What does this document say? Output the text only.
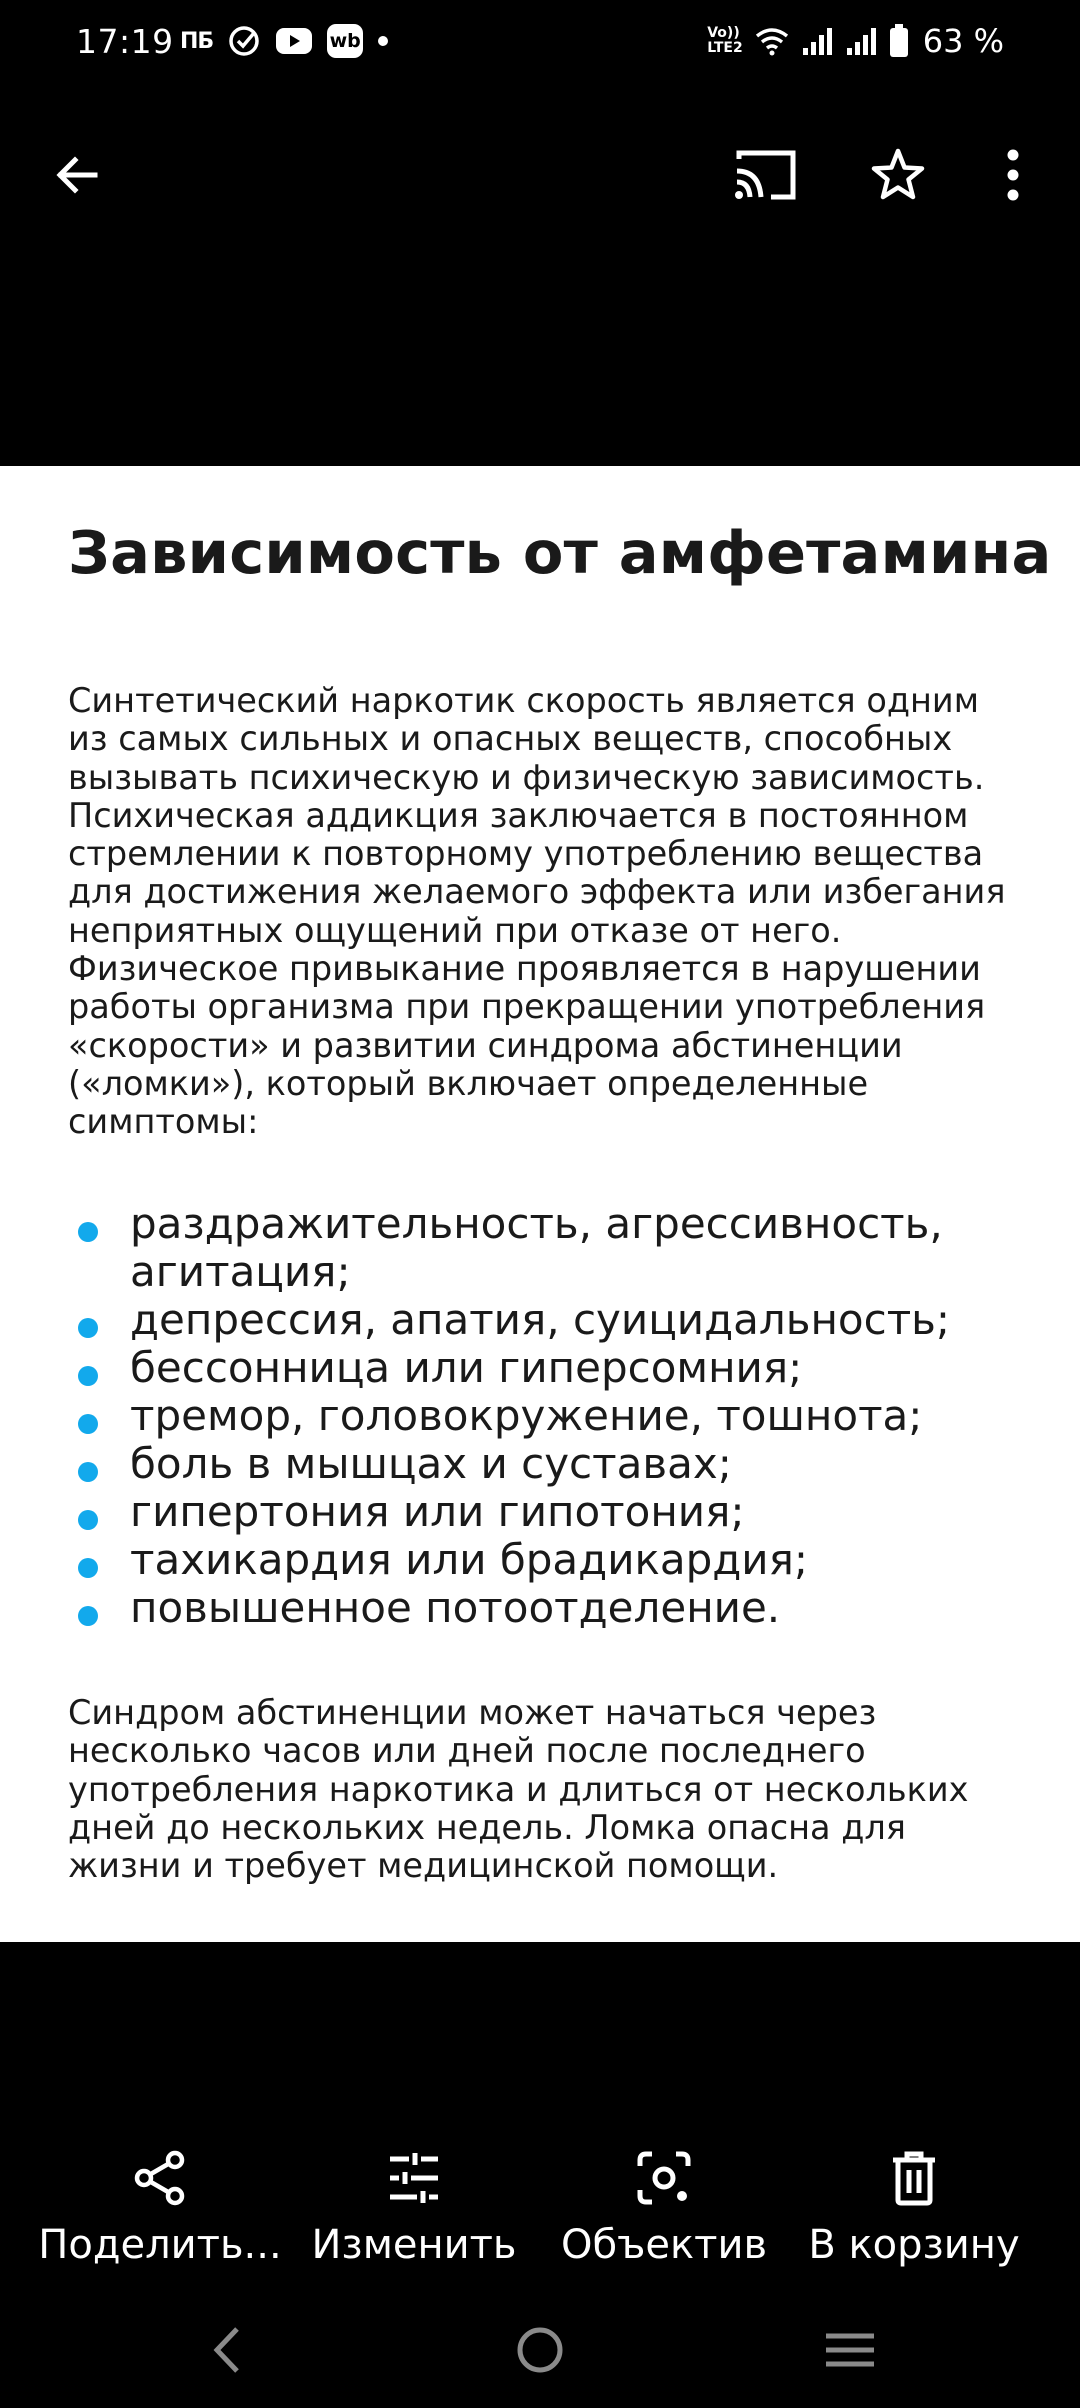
17:19 ПБ	wb	Vo))
LTE2	63 %
Зависимость от амфетамина

Синтетический наркотик скорость является одним
из самых сильных и опасных веществ, способных
вызывать психическую и физическую зависимость.
Психическая аддикция заключается в постоянном
стремлении к повторному употреблению вещества
для достижения желаемого эффекта или избегания
неприятных ощущений при отказе от него.
Физическое привыкание проявляется в нарушении
работы организма при прекращении употребления
«скорости» и развитии синдрома абстиненции
(«ломки»), который включает определенные
симптомы:

раздражительность, агрессивность,
агитация;
депрессия, апатия, суицидальность;
бессонница или гиперсомния;
тремор, головокружение, тошнота;
боль в мышцах и суставах;
гипертония или гипотония;
тахикардия или брадикардия;
повышенное потоотделение.

Синдром абстиненции может начаться через
несколько часов или дней после последнего
употребления наркотика и длиться от нескольких
дней до нескольких недель. Ломка опасна для
жизни и требует медицинской помощи.

Поделить... Изменить Объектив В корзину
